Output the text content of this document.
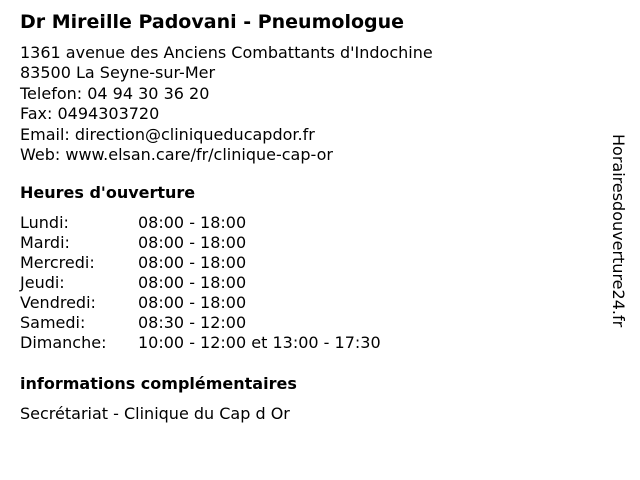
Dr Mireille Padovani - Pneumologue
1361 avenue des Anciens Combattants d'Indochine
83500 La Seyne-sur-Mer
Telefon: 04 94 30 36 20
Fax: 0494303720
Email: direction@cliniqueducapdor.fr
Web: www.elsan.care/fr/clinique-cap-or
Heures d'ouverture
Lundi:	08:00 - 18:00
Mardi:	08:00 - 18:00
Mercredi:	08:00 - 18:00
Jeudi:	08:00 - 18:00
Vendredi:	08:00 - 18:00
Samedi:	08:30 - 12:00
Dimanche: 10:00 - 12:00 et 13:00 - 17:30
informations complémentaires
Secrétariat - Clinique du Cap d Or
Horairesdouverture24.fr
